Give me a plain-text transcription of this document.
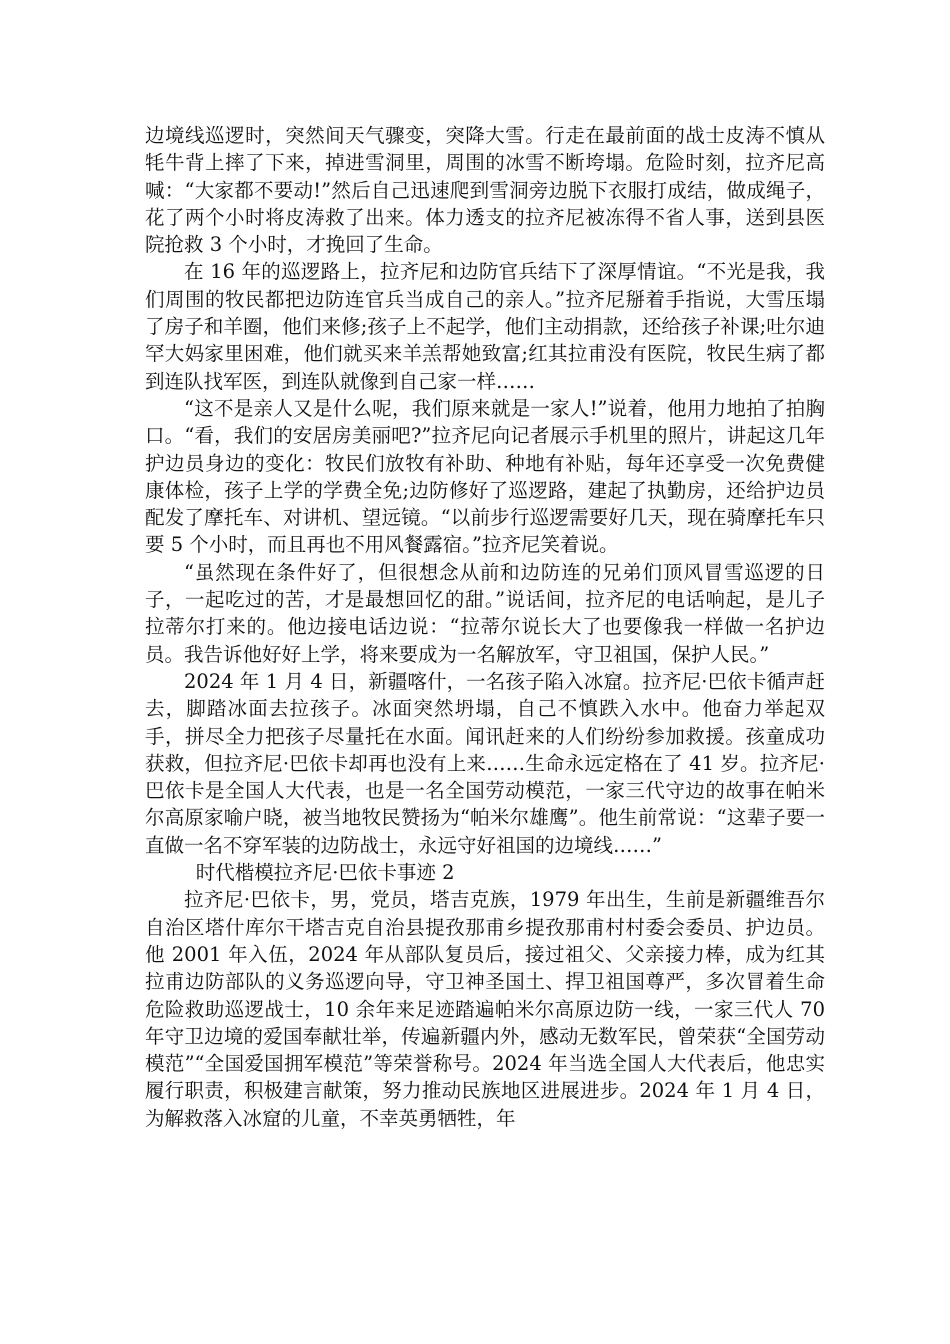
边境线巡逻时，突然间天气骤变，突降大雪。行走在最前面的战士皮涛不慎从牦牛背上摔了下来，掉进雪洞里，周围的冰雪不断垮塌。危险时刻，拉齐尼高喊：“大家都不要动!”然后自己迅速爬到雪洞旁边脱下衣服打成结，做成绳子，花了两个小时将皮涛救了出来。体力透支的拉齐尼被冻得不省人事，送到县医院抢救 3 个小时，才挽回了生命。

在 16 年的巡逻路上，拉齐尼和边防官兵结下了深厚情谊。“不光是我，我们周围的牧民都把边防连官兵当成自己的亲人。”拉齐尼掰着手指说，大雪压塌了房子和羊圈，他们来修;孩子上不起学，他们主动捐款，还给孩子补课;吐尔迪罕大妈家里困难，他们就买来羊羔帮她致富;红其拉甫没有医院，牧民生病了都到连队找军医，到连队就像到自己家一样……

“这不是亲人又是什么呢，我们原来就是一家人!”说着，他用力地拍了拍胸口。“看，我们的安居房美丽吧?”拉齐尼向记者展示手机里的照片，讲起这几年护边员身边的变化：牧民们放牧有补助、种地有补贴，每年还享受一次免费健康体检，孩子上学的学费全免;边防修好了巡逻路，建起了执勤房，还给护边员配发了摩托车、对讲机、望远镜。“以前步行巡逻需要好几天，现在骑摩托车只要 5 个小时，而且再也不用风餐露宿。”拉齐尼笑着说。

“虽然现在条件好了，但很想念从前和边防连的兄弟们顶风冒雪巡逻的日子，一起吃过的苦，才是最想回忆的甜。”说话间，拉齐尼的电话响起，是儿子拉蒂尔打来的。他边接电话边说：“拉蒂尔说长大了也要像我一样做一名护边员。我告诉他好好上学，将来要成为一名解放军，守卫祖国，保护人民。”

2024 年 1 月 4 日，新疆喀什，一名孩子陷入冰窟。拉齐尼·巴依卡循声赶去，脚踏冰面去拉孩子。冰面突然坍塌，自己不慎跌入水中。他奋力举起双手，拼尽全力把孩子尽量托在水面。闻讯赶来的人们纷纷参加救援。孩童成功获救，但拉齐尼·巴依卡却再也没有上来……生命永远定格在了 41 岁。拉齐尼·巴依卡是全国人大代表，也是一名全国劳动模范，一家三代守边的故事在帕米尔高原家喻户晓，被当地牧民赞扬为“帕米尔雄鹰”。他生前常说：“这辈子要一直做一名不穿军装的边防战士，永远守好祖国的边境线……”

时代楷模拉齐尼·巴依卡事迹 2

拉齐尼·巴依卡，男，党员，塔吉克族，1979 年出生，生前是新疆维吾尔自治区塔什库尔干塔吉克自治县提孜那甫乡提孜那甫村村委会委员、护边员。他 2001 年入伍，2024 年从部队复员后，接过祖父、父亲接力棒，成为红其拉甫边防部队的义务巡逻向导，守卫神圣国土、捍卫祖国尊严，多次冒着生命危险救助巡逻战士，10 余年来足迹踏遍帕米尔高原边防一线，一家三代人 70 年守卫边境的爱国奉献壮举，传遍新疆内外，感动无数军民，曾荣获“全国劳动模范”“全国爱国拥军模范”等荣誉称号。2024 年当选全国人大代表后，他忠实履行职责，积极建言献策，努力推动民族地区进展进步。2024 年 1 月 4 日，为解救落入冰窟的儿童，不幸英勇牺牲，年
